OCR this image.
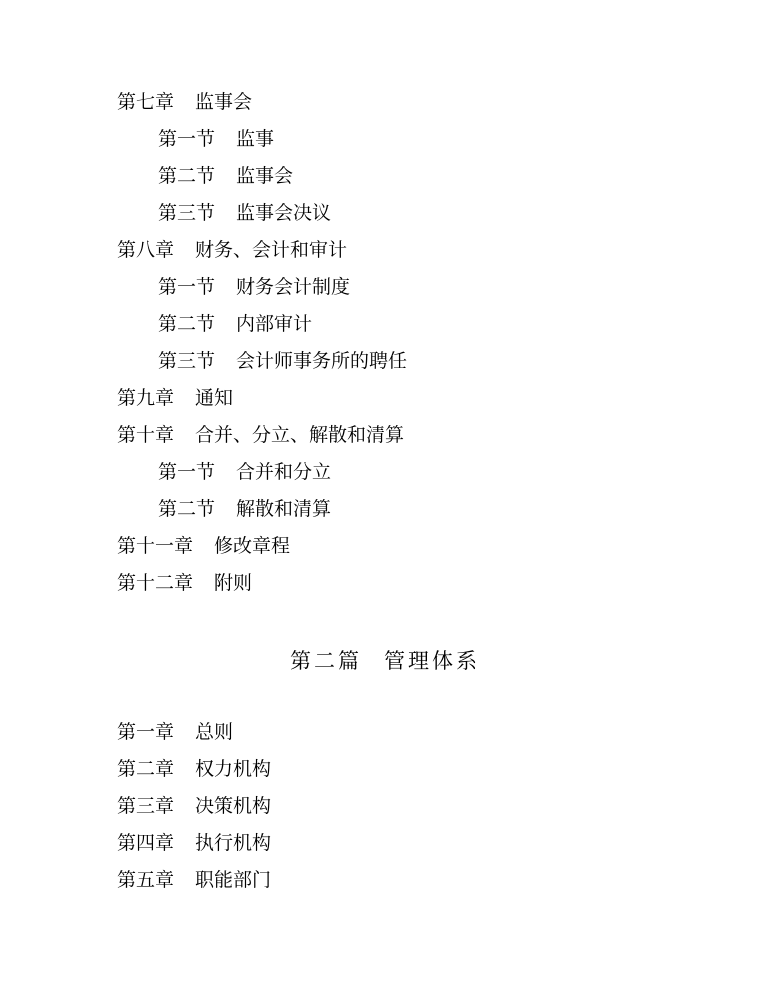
第七章 监事会
第一节 监事
第二节 监事会
第三节 监事会决议
第八章 财务、会计和审计
第一节 财务会计制度
第二节 内部审计
第三节 会计师事务所的聘任
第九章 通知
第十章 合并、分立、解散和清算
第一节 合并和分立
第二节 解散和清算
第十一章 修改章程
第十二章 附则
第二篇 管理体系
第一章 总则
第二章 权力机构
第三章 决策机构
第四章 执行机构
第五章 职能部门
